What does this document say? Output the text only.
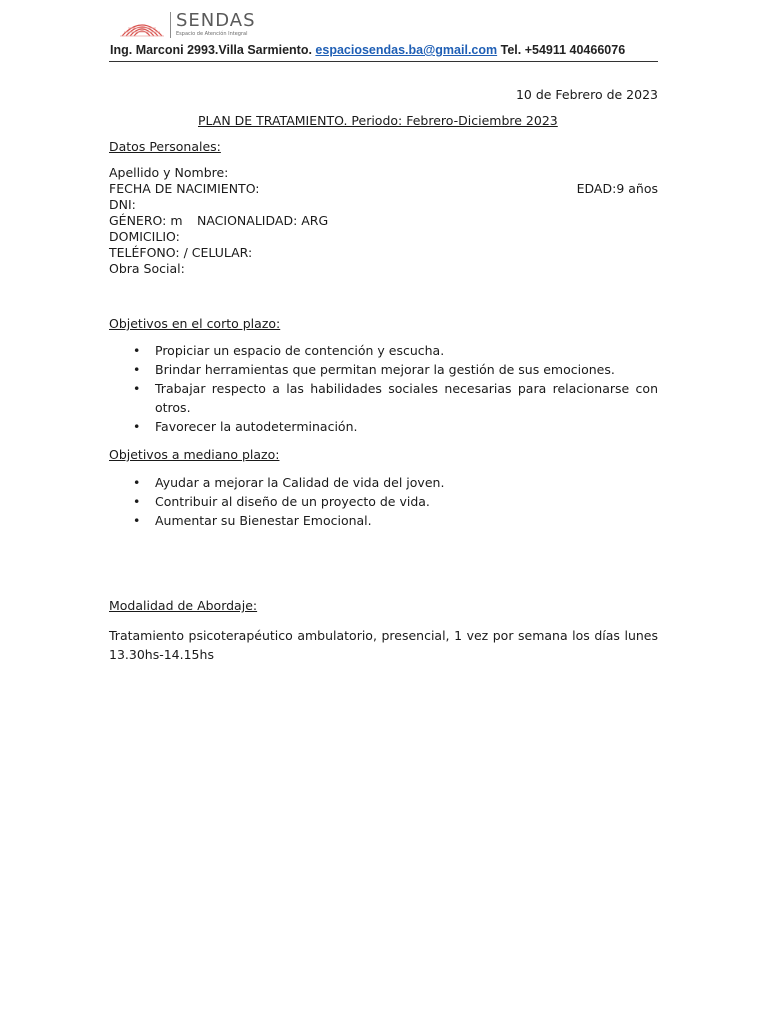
SENDAS
Espacio de Atención Integral
Ing. Marconi 2993.Villa Sarmiento. espaciosendas.ba@gmail.com Tel. +54911 40466076
10 de Febrero de 2023
PLAN DE TRATAMIENTO. Periodo: Febrero-Diciembre 2023
Datos Personales:
Apellido y Nombre:
FECHA DE NACIMIENTO:	EDAD:9 años
DNI:
GÉNERO: m NACIONALIDAD: ARG
DOMICILIO:
TELÉFONO: / CELULAR:
Obra Social:
Objetivos en el corto plazo:
• Propiciar un espacio de contención y escucha.
• Brindar herramientas que permitan mejorar la gestión de sus emociones.
• Trabajar respecto a las habilidades sociales necesarias para relacionarse con otros.
• Favorecer la autodeterminación.
Objetivos a mediano plazo:
• Ayudar a mejorar la Calidad de vida del joven.
• Contribuir al diseño de un proyecto de vida.
• Aumentar su Bienestar Emocional.
Modalidad de Abordaje:
Tratamiento psicoterapéutico ambulatorio, presencial, 1 vez por semana los días lunes 13.30hs-14.15hs
